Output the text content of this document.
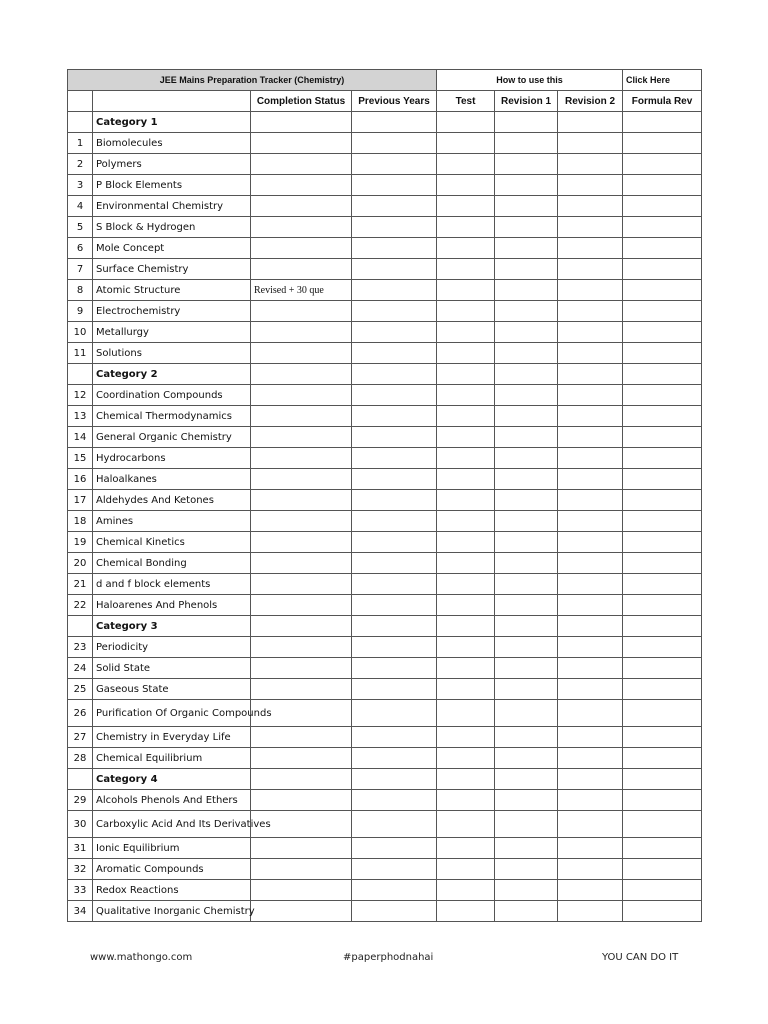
JEE Mains Preparation Tracker (Chemistry)				How to use this			Click Here
		Completion Status	Previous Years	Test	Revision 1	Revision 2	Formula Rev
	Category 1						
1	Biomolecules						
2	Polymers						
3	P Block Elements						
4	Environmental Chemistry						
5	S Block & Hydrogen						
6	Mole Concept						
7	Surface Chemistry						
8	Atomic Structure	Revised + 30 que					
9	Electrochemistry						
10	Metallurgy						
11	Solutions						
	Category 2						
12	Coordination Compounds						
13	Chemical Thermodynamics						
14	General Organic Chemistry						
15	Hydrocarbons						
16	Haloalkanes						
17	Aldehydes And Ketones						
18	Amines						
19	Chemical Kinetics						
20	Chemical Bonding						
21	d and f block elements						
22	Haloarenes And Phenols						
	Category 3						
23	Periodicity						
24	Solid State						
25	Gaseous State						
26	Purification Of Organic Compounds						
27	Chemistry in Everyday Life						
28	Chemical Equilibrium						
	Category 4						
29	Alcohols Phenols And Ethers						
30	Carboxylic Acid And Its Derivatives						
31	Ionic Equilibrium						
32	Aromatic Compounds						
33	Redox Reactions						
34	Qualitative Inorganic Chemistry						
www.mathongo.com	#paperphodnahai	YOU CAN DO IT
